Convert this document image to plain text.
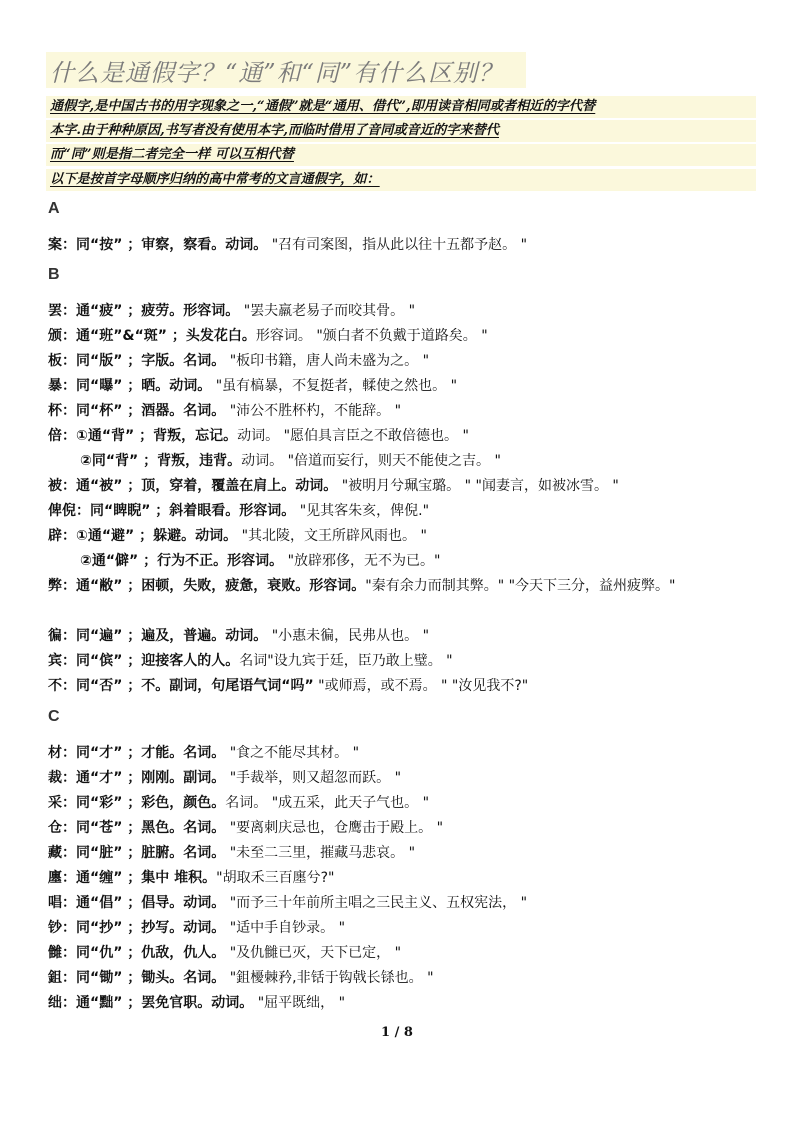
什么是通假字？“通”和“同”有什么区别？
通假字,是中国古书的用字现象之一,“通假”就是“通用、借代”,即用读音相同或者相近的字代替
本字.由于种种原因,书写者没有使用本字,而临时借用了音同或音近的字来替代
而“同”则是指二者完全一样 可以互相代替
以下是按首字母顺序归纳的高中常考的文言通假字，如：
A
案：同“按” ；审察，察看。动词。 "召有司案图，指从此以往十五都予赵。 "
B
罢：通“疲” ；疲劳。形容词。 "罢夫羸老易子而咬其骨。 "
颁：通“班”&“斑” ；头发花白。形容词。 "颁白者不负戴于道路矣。 "
板：同“版” ；字版。名词。 "板印书籍，唐人尚未盛为之。 "
暴：同“曝” ；晒。动词。 "虽有槁暴，不复挺者，輮使之然也。 "
杯：同“杯” ；酒器。名词。 "沛公不胜杯杓，不能辞。 "
倍：①通“背” ；背叛，忘记。动词。 "愿伯具言臣之不敢倍德也。 "
②同“背” ；背叛，违背。动词。 "倍道而妄行，则天不能使之吉。 "
被：通“被” ；顶，穿着，覆盖在肩上。动词。 "被明月兮珮宝璐。 " "闻妻言，如被冰雪。 "
俾倪：同“睥睨” ；斜着眼看。形容词。 "见其客朱亥，俾倪."
辟：①通“避” ；躲避。动词。 "其北陵，文王所辟风雨也。 "
②通“僻” ；行为不正。形容词。 "放辟邪侈，无不为已。"
弊：通“敝” ；困顿，失败，疲惫，衰败。形容词。"秦有余力而制其弊。" "今天下三分，益州疲弊。"
徧：同“遍” ；遍及，普遍。动词。 "小惠未徧，民弗从也。 "
宾：同“傧” ；迎接客人的人。名词"设九宾于廷，臣乃敢上璧。 "
不：同“否” ；不。副词，句尾语气词“吗” "或师焉，或不焉。 " "汝见我不?"
C
材：同“才” ；才能。名词。 "食之不能尽其材。 "
裁：通“才” ；刚刚。副词。 "手裁举，则又超忽而跃。 "
采：同“彩” ；彩色，颜色。名词。 "成五采，此天子气也。 "
仓：同“苍” ；黑色。名词。 "要离刺庆忌也，仓鹰击于殿上。 "
藏：同“脏” ；脏腑。名词。 "未至二三里，摧藏马悲哀。 "
廛：通“缠” ；集中 堆积。"胡取禾三百廛兮?"
唱：通“倡” ；倡导。动词。 "而予三十年前所主唱之三民主义、五权宪法， "
钞：同“抄” ；抄写。动词。 "适中手自钞录。 "
雠：同“仇” ；仇敌，仇人。 "及仇雠已灭，天下已定， "
鉏：同“锄” ；锄头。名词。 "鉏櫌棘矜,非铦于钩戟长铩也。 "
绌：通“黜” ；罢免官职。动词。 "屈平既绌， "
1 / 8
